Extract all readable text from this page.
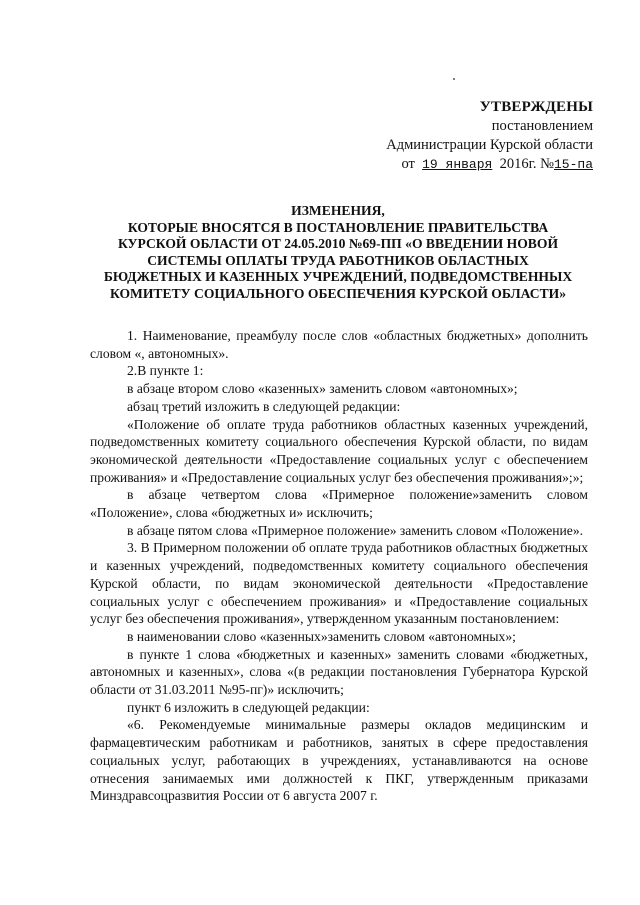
УТВЕРЖДЕНЫ
постановлением
Администрации Курской области
от 19 января 2016г. №15-па
ИЗМЕНЕНИЯ,
КОТОРЫЕ ВНОСЯТСЯ В ПОСТАНОВЛЕНИЕ ПРАВИТЕЛЬСТВА
КУРСКОЙ ОБЛАСТИ ОТ 24.05.2010 №69-ПП «О ВВЕДЕНИИ НОВОЙ
СИСТЕМЫ ОПЛАТЫ ТРУДА РАБОТНИКОВ ОБЛАСТНЫХ
БЮДЖЕТНЫХ И КАЗЕННЫХ УЧРЕЖДЕНИЙ, ПОДВЕДОМСТВЕННЫХ
КОМИТЕТУ СОЦИАЛЬНОГО ОБЕСПЕЧЕНИЯ КУРСКОЙ ОБЛАСТИ»

1. Наименование, преамбулу после слов «областных бюджетных» дополнить словом «, автономных».

2.В пункте 1:

в абзаце втором слово «казенных» заменить словом «автономных»;

абзац третий изложить в следующей редакции:

«Положение об оплате труда работников областных казенных учреждений, подведомственных комитету социального обеспечения Курской области, по видам экономической деятельности «Предоставление социальных услуг с обеспечением проживания» и «Предоставление социальных услуг без обеспечения проживания»;»;

в абзаце четвертом слова «Примерное положение»заменить словом «Положение», слова «бюджетных и» исключить;

в абзаце пятом слова «Примерное положение» заменить словом «Положение».

3. В Примерном положении об оплате труда работников областных бюджетных и казенных учреждений, подведомственных комитету социального обеспечения Курской области, по видам экономической деятельности «Предоставление социальных услуг с обеспечением проживания» и «Предоставление социальных услуг без обеспечения проживания», утвержденном указанным постановлением:

в наименовании слово «казенных»заменить словом «автономных»;

в пункте 1 слова «бюджетных и казенных» заменить словами «бюджетных, автономных и казенных», слова «(в редакции постановления Губернатора Курской области от 31.03.2011 №95-пг)» исключить;

пункт 6 изложить в следующей редакции:

«6. Рекомендуемые минимальные размеры окладов медицинским и фармацевтическим работникам и работников, занятых в сфере предоставления социальных услуг, работающих в учреждениях, устанавливаются на основе отнесения занимаемых ими должностей к ПКГ, утвержденным приказами Минздравсоцразвития России от 6 августа 2007 г.
